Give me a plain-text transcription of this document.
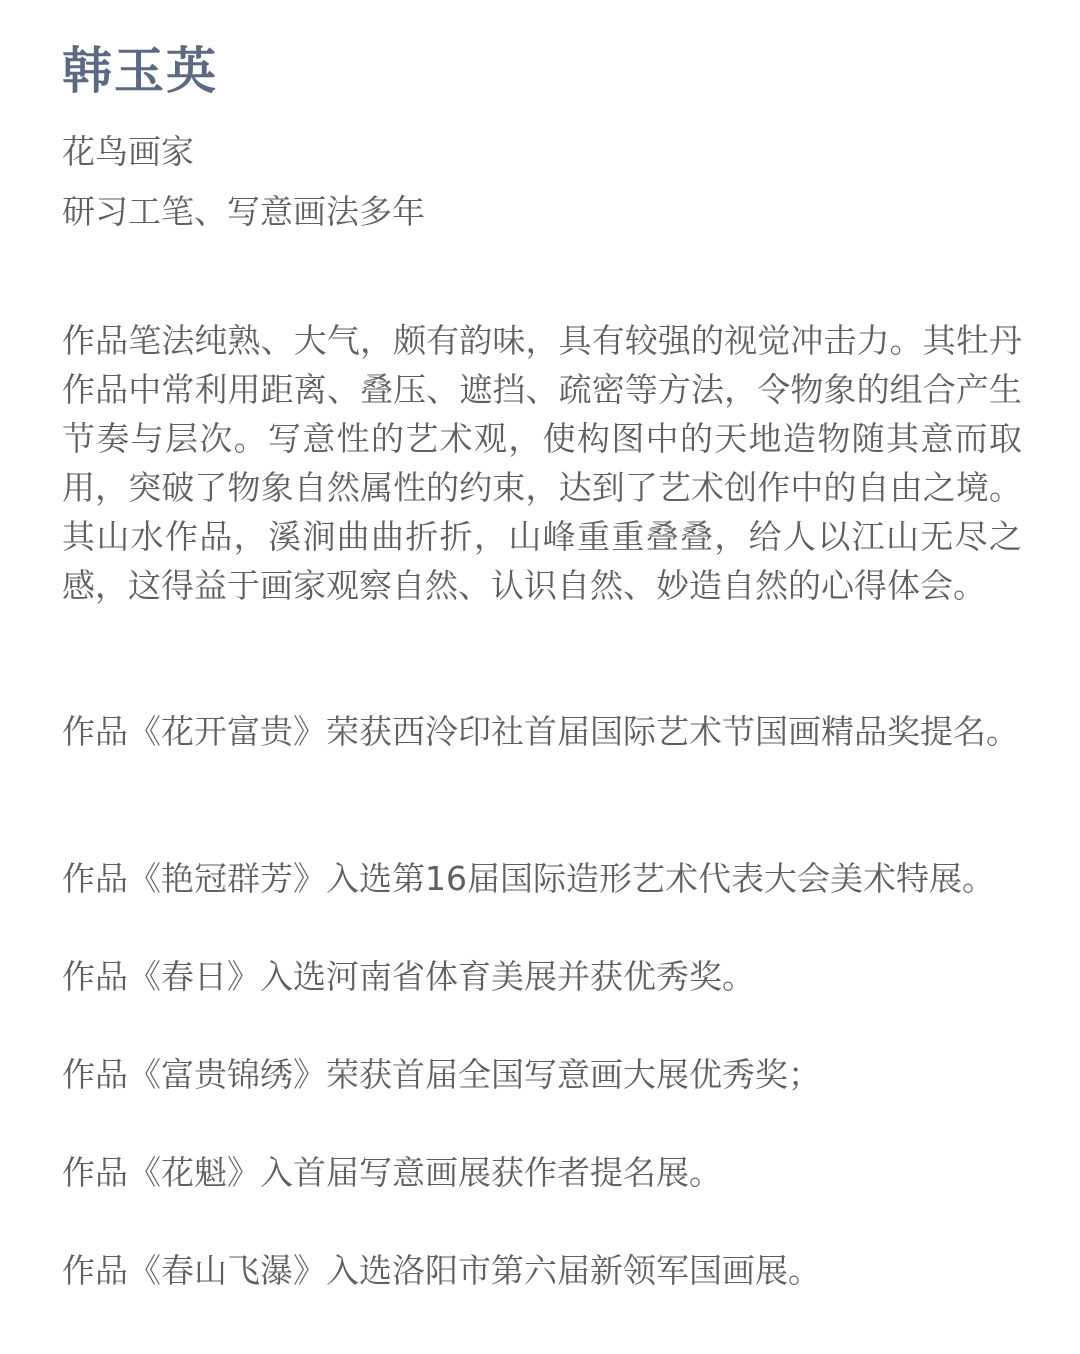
韩玉英
花鸟画家
研习工笔、写意画法多年

作品笔法纯熟、大气，颇有韵味，具有较强的视觉冲击力。其牡丹作品中常利用距离、叠压、遮挡、疏密等方法，令物象的组合产生节奏与层次。写意性的艺术观，使构图中的天地造物随其意而取用，突破了物象自然属性的约束，达到了艺术创作中的自由之境。其山水作品，溪涧曲曲折折，山峰重重叠叠，给人以江山无尽之感，这得益于画家观察自然、认识自然、妙造自然的心得体会。

作品《花开富贵》荣获西泠印社首届国际艺术节国画精品奖提名。

作品《艳冠群芳》入选第16届国际造形艺术代表大会美术特展。

作品《春日》入选河南省体育美展并获优秀奖。

作品《富贵锦绣》荣获首届全国写意画大展优秀奖；

作品《花魁》入首届写意画展获作者提名展。

作品《春山飞瀑》入选洛阳市第六届新领军国画展。
